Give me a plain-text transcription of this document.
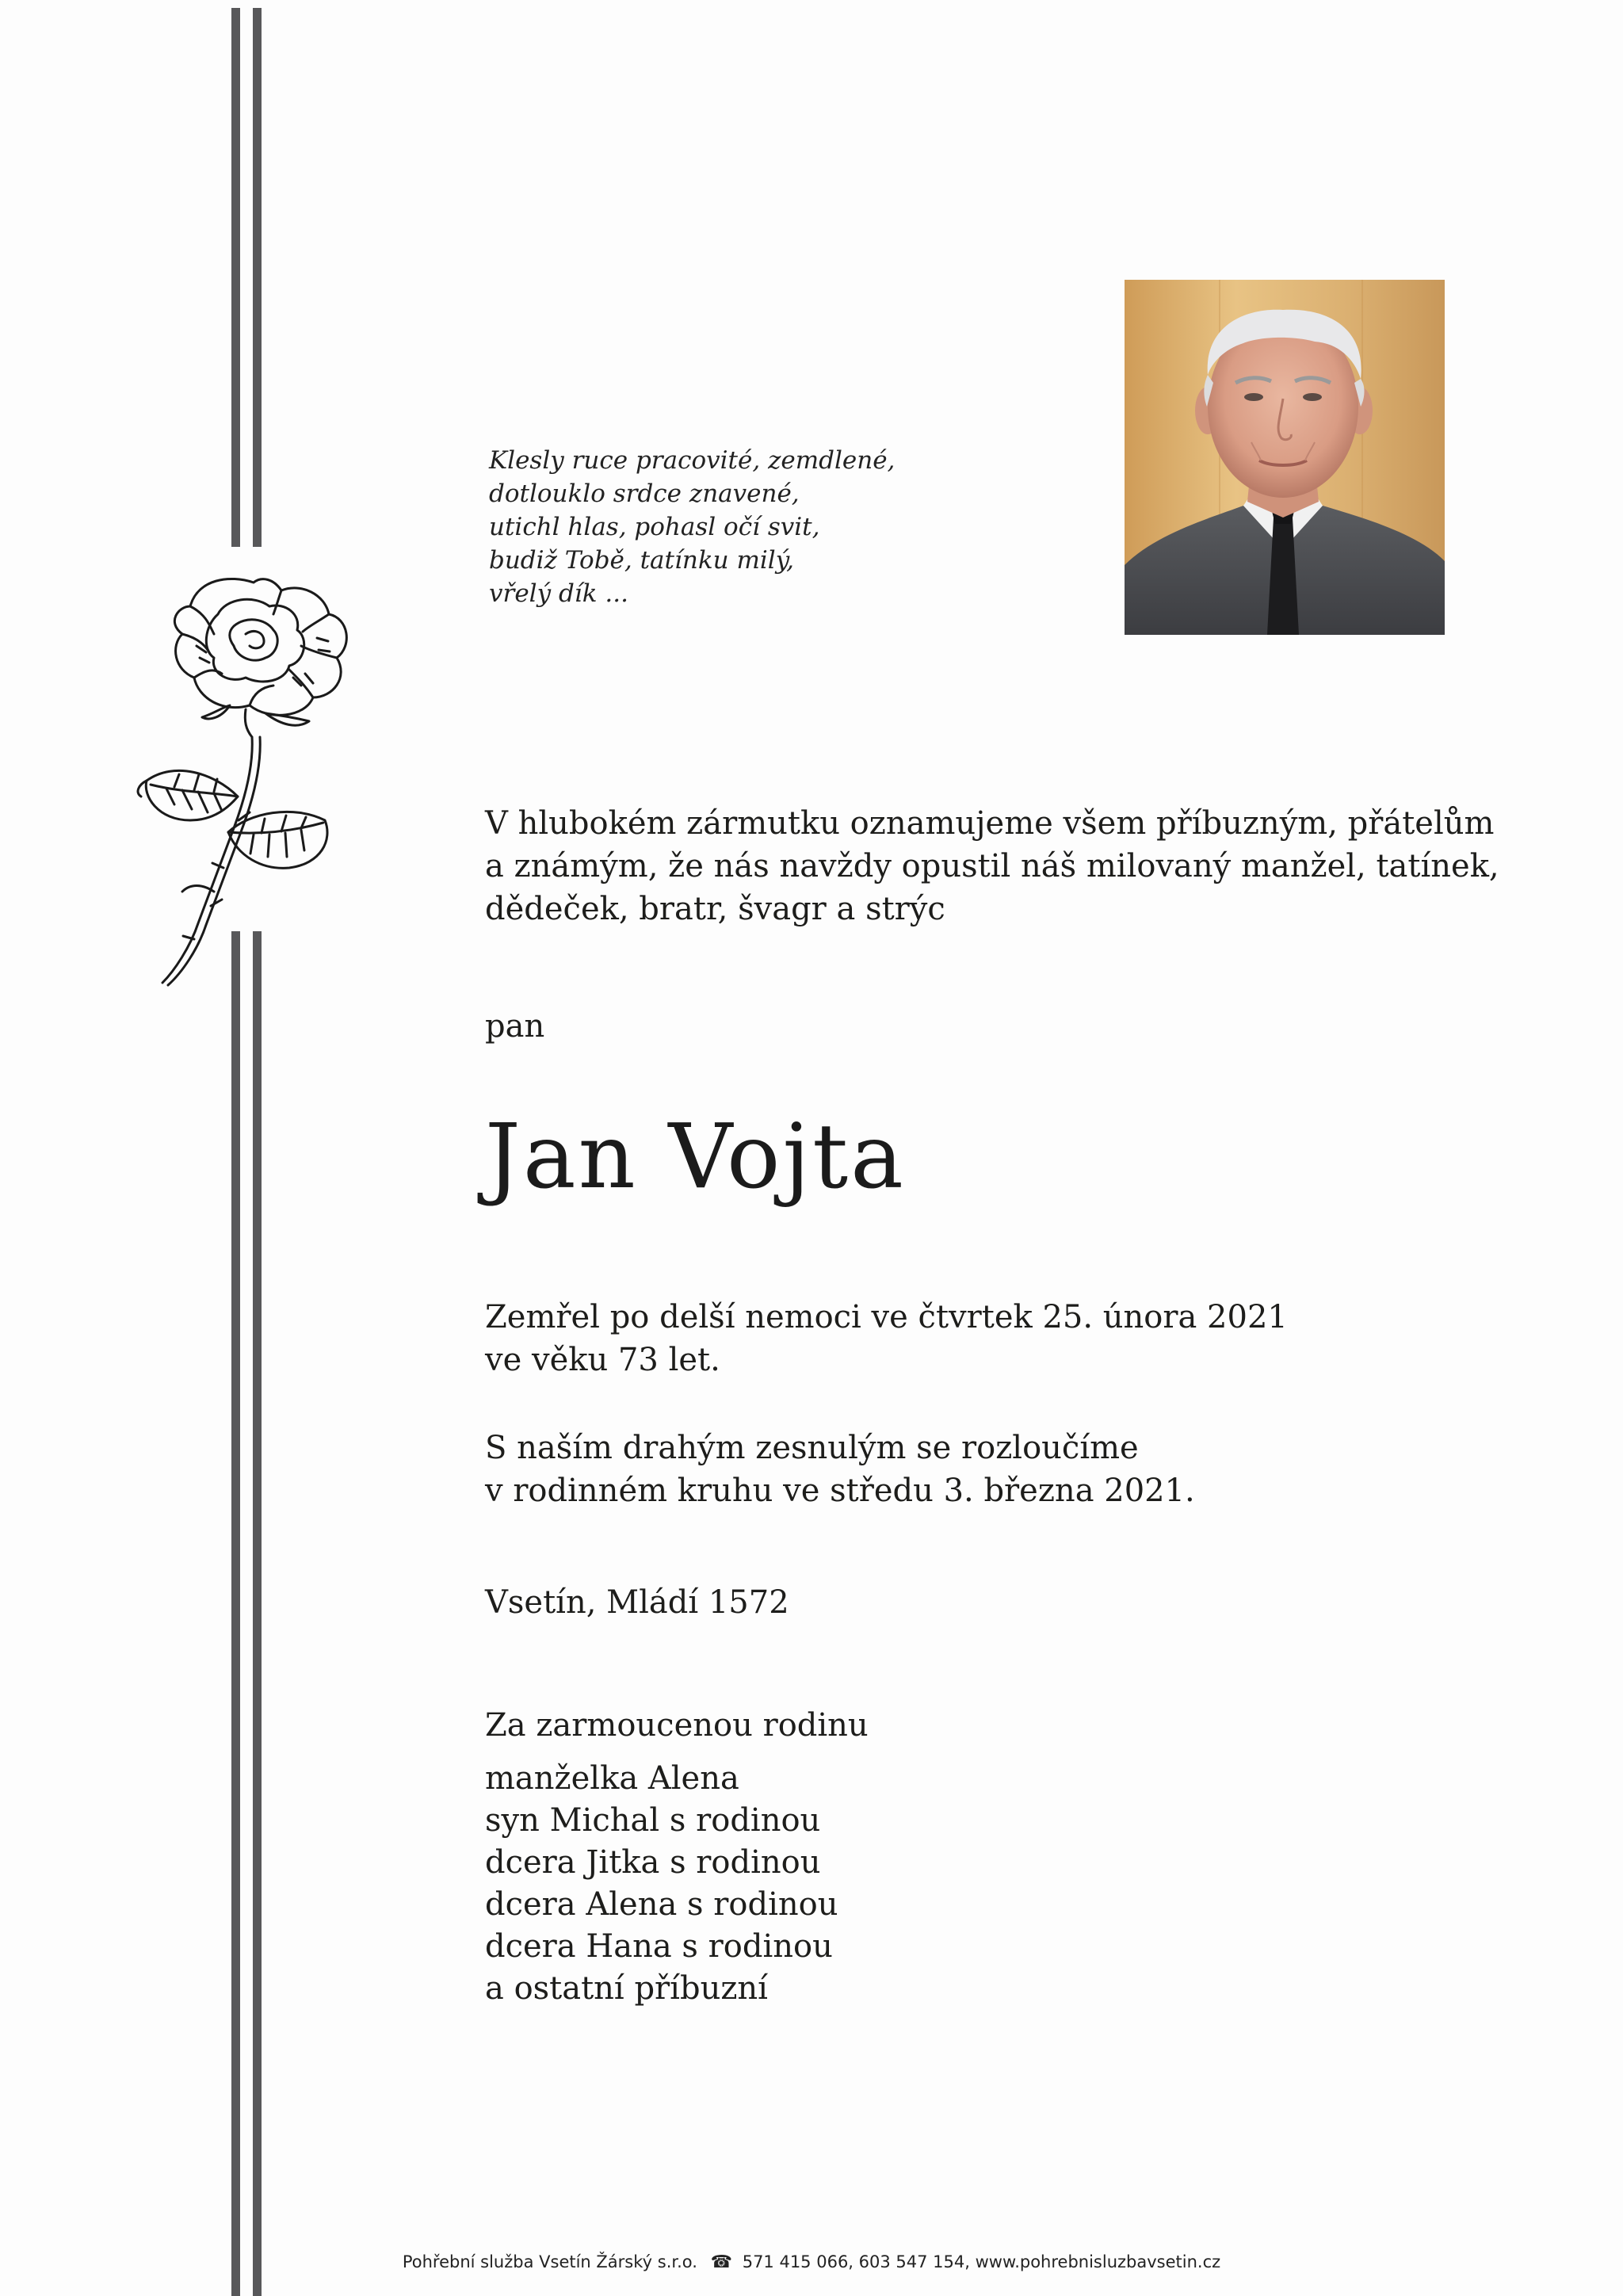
Klesly ruce pracovité, zemdlené,
dotlouklo srdce znavené,
utichl hlas, pohasl očí svit,
budiž Tobě, tatínku milý,
vřelý dík ...
V hlubokém zármutku oznamujeme všem příbuzným, přátelům
a známým, že nás navždy opustil náš milovaný manžel, tatínek,
dědeček, bratr, švagr a strýc
pan
Jan Vojta
Zemřel po delší nemoci ve čtvrtek 25. února 2021
ve věku 73 let.
S naším drahým zesnulým se rozloučíme
v rodinném kruhu ve středu 3. března 2021.
Vsetín, Mládí 1572
Za zarmoucenou rodinu
manželka Alena
syn Michal s rodinou
dcera Jitka s rodinou
dcera Alena s rodinou
dcera Hana s rodinou
a ostatní příbuzní
Pohřební služba Vsetín Žárský s.r.o. ☎ 571 415 066, 603 547 154, www.pohrebnisluzbavsetin.cz
